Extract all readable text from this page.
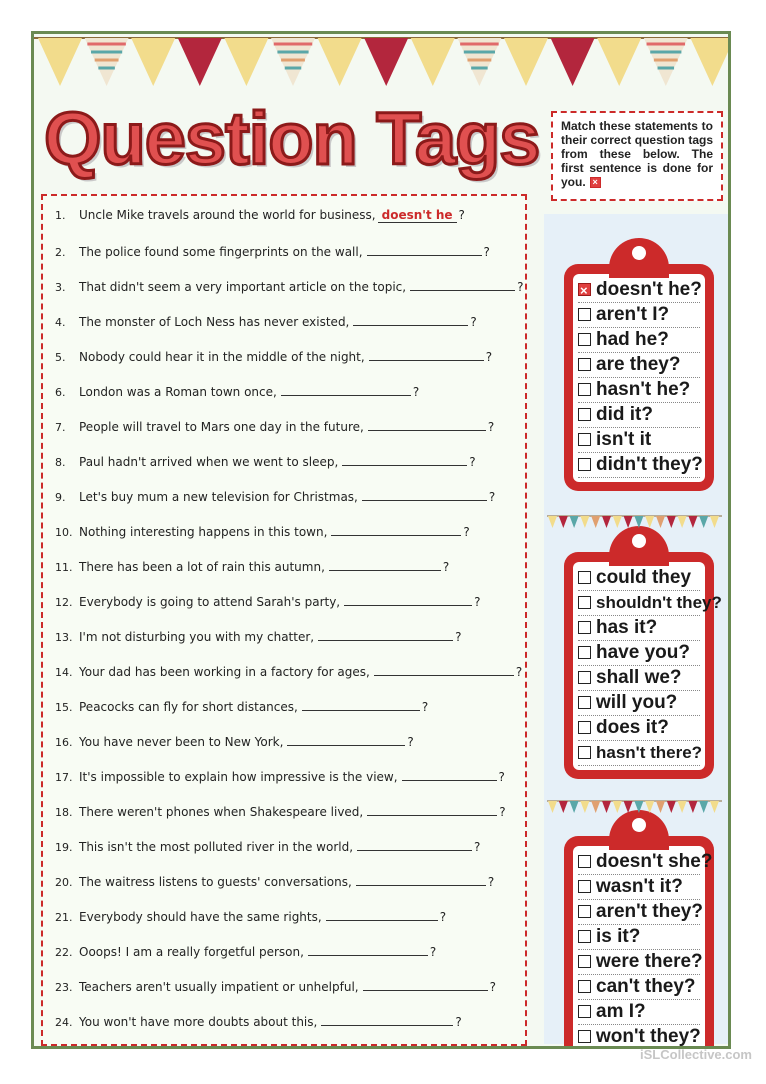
Question Tags	Match these statements to their correct question tags from these below. The first sentence is done for you. ×
1. Uncle Mike travels around the world for business, doesn't he ?
2. The police found some fingerprints on the wall,	?
3. That didn't seem a very important article on the topic,	?
4. The monster of Loch Ness has never existed,	?
5. Nobody could hear it in the middle of the night,	?
6. London was a Roman town once,	?
7. People will travel to Mars one day in the future,	?
8. Paul hadn't arrived when we went to sleep,	?
9. Let's buy mum a new television for Christmas,	?
10. Nothing interesting happens in this town,	?
11. There has been a lot of rain this autumn,	?
12. Everybody is going to attend Sarah's party,	?
13. I'm not disturbing you with my chatter,	?
14. Your dad has been working in a factory for ages,	?
15. Peacocks can fly for short distances,	?
16. You have never been to New York,	?
17. It's impossible to explain how impressive is the view,	?
18. There weren't phones when Shakespeare lived,	?
19. This isn't the most polluted river in the world,	?
20. The waitress listens to guests' conversations,	?
21. Everybody should have the same rights,	?
22. Ooops! I am a really forgetful person,	?
23. Teachers aren't usually impatient or unhelpful,	?
24. You won't have more doubts about this,	?
×doesn't he?
aren't I?
had he?
are they?
hasn't he?
did it?
isn't it
didn't they?
could they
shouldn't they?
has it?
have you?
shall we?
will you?
does it?
hasn't there?
doesn't she?
wasn't it?
aren't they?
is it?
were there?
can't they?
am I?
won't they?
iSLCollective.com
